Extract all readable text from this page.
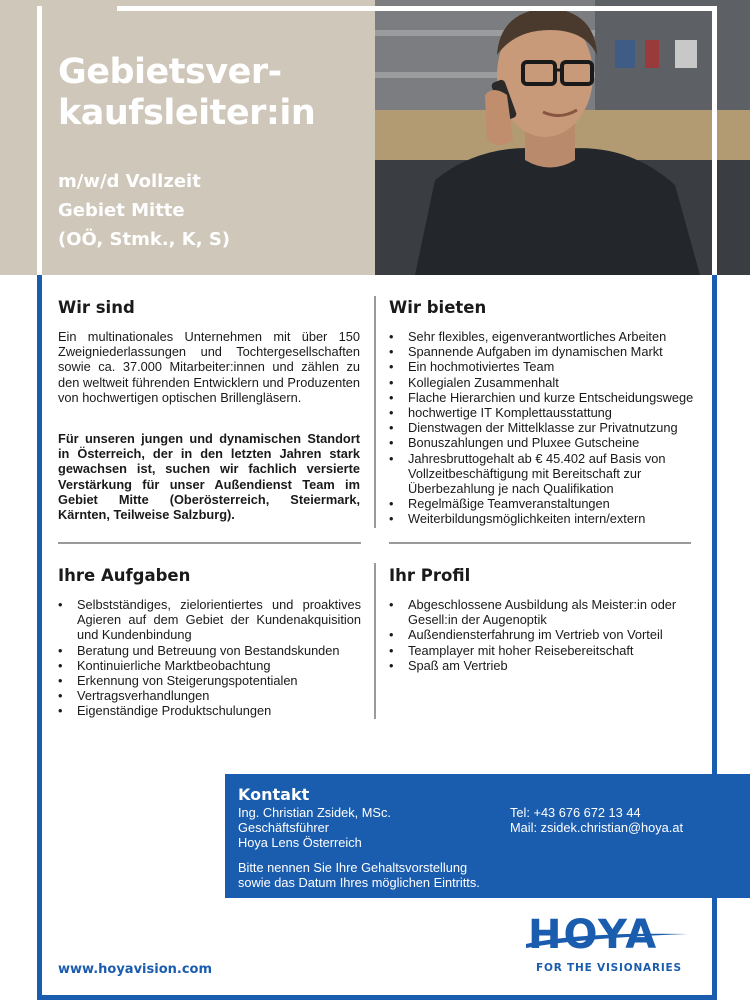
Gebietsver-
kaufsleiter:in
m/w/d Vollzeit
Gebiet Mitte
(OÖ, Stmk., K, S)
Wir sind
Ein multinationales Unternehmen mit über 150 Zweigniederlassungen und Tochtergesellschaften sowie ca. 37.000 Mitarbeiter:innen und zählen zu den weltweit führenden Entwicklern und Produzenten von hochwertigen optischen Brillengläsern.
Für unseren jungen und dynamischen Standort in Österreich, der in den letzten Jahren stark gewachsen ist, suchen wir fachlich versierte Verstärkung für unser Außendienst Team im Gebiet Mitte (Oberösterreich, Steiermark, Kärnten, Teilweise Salzburg).
Wir bieten
• Sehr flexibles, eigenverantwortliches Arbeiten
• Spannende Aufgaben im dynamischen Markt
• Ein hochmotiviertes Team
• Kollegialen Zusammenhalt
• Flache Hierarchien und kurze Entscheidungswege
• hochwertige IT Komplettausstattung
• Dienstwagen der Mittelklasse zur Privatnutzung
• Bonuszahlungen und Pluxee Gutscheine
• Jahresbruttogehalt ab € 45.402 auf Basis von Vollzeitbeschäftigung mit Bereitschaft zur Überbezahlung je nach Qualifikation
• Regelmäßige Teamveranstaltungen
• Weiterbildungsmöglichkeiten intern/extern
Ihre Aufgaben
• Selbstständiges, zielorientiertes und proaktives Agieren auf dem Gebiet der Kundenakquisition und Kundenbindung
• Beratung und Betreuung von Bestandskunden
• Kontinuierliche Marktbeobachtung
• Erkennung von Steigerungspotentialen
• Vertragsverhandlungen
• Eigenständige Produktschulungen
Ihr Profil
• Abgeschlossene Ausbildung als Meister:in oder Gesell:in der Augenoptik
• Außendiensterfahrung im Vertrieb von Vorteil
• Teamplayer mit hoher Reisebereitschaft
• Spaß am Vertrieb
Kontakt
Ing. Christian Zsidek, MSc.
Geschäftsführer
Hoya Lens Österreich
Tel: +43 676 672 13 44
Mail: zsidek.christian@hoya.at
Bitte nennen Sie Ihre Gehaltsvorstellung
sowie das Datum Ihres möglichen Eintritts.
www.hoyavision.com
HOYA
FOR THE VISIONARIES
